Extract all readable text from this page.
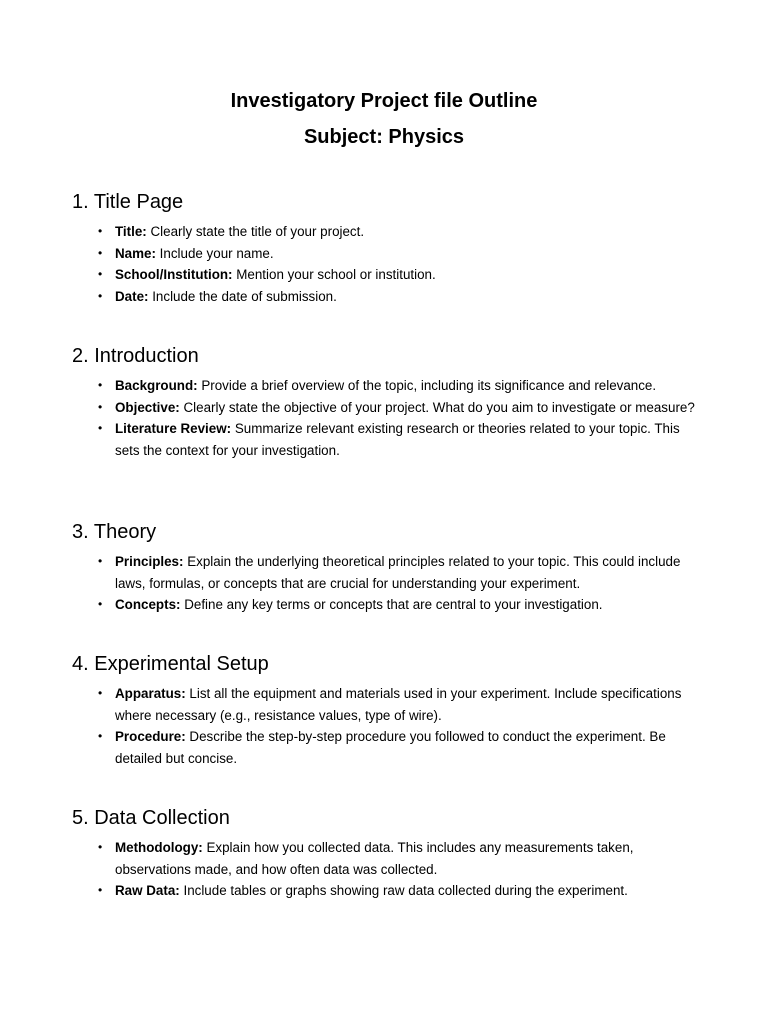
Investigatory Project file Outline

Subject: Physics

1. Title Page
• Title: Clearly state the title of your project.
• Name: Include your name.
• School/Institution: Mention your school or institution.
• Date: Include the date of submission.
2. Introduction
• Background: Provide a brief overview of the topic, including its significance and relevance.
• Objective: Clearly state the objective of your project. What do you aim to investigate or measure?
• Literature Review: Summarize relevant existing research or theories related to your topic. This sets the context for your investigation.
3. Theory
• Principles: Explain the underlying theoretical principles related to your topic. This could include laws, formulas, or concepts that are crucial for understanding your experiment.
• Concepts: Define any key terms or concepts that are central to your investigation.
4. Experimental Setup
• Apparatus: List all the equipment and materials used in your experiment. Include specifications where necessary (e.g., resistance values, type of wire).
• Procedure: Describe the step-by-step procedure you followed to conduct the experiment. Be detailed but concise.
5. Data Collection
• Methodology: Explain how you collected data. This includes any measurements taken, observations made, and how often data was collected.
• Raw Data: Include tables or graphs showing raw data collected during the experiment.
